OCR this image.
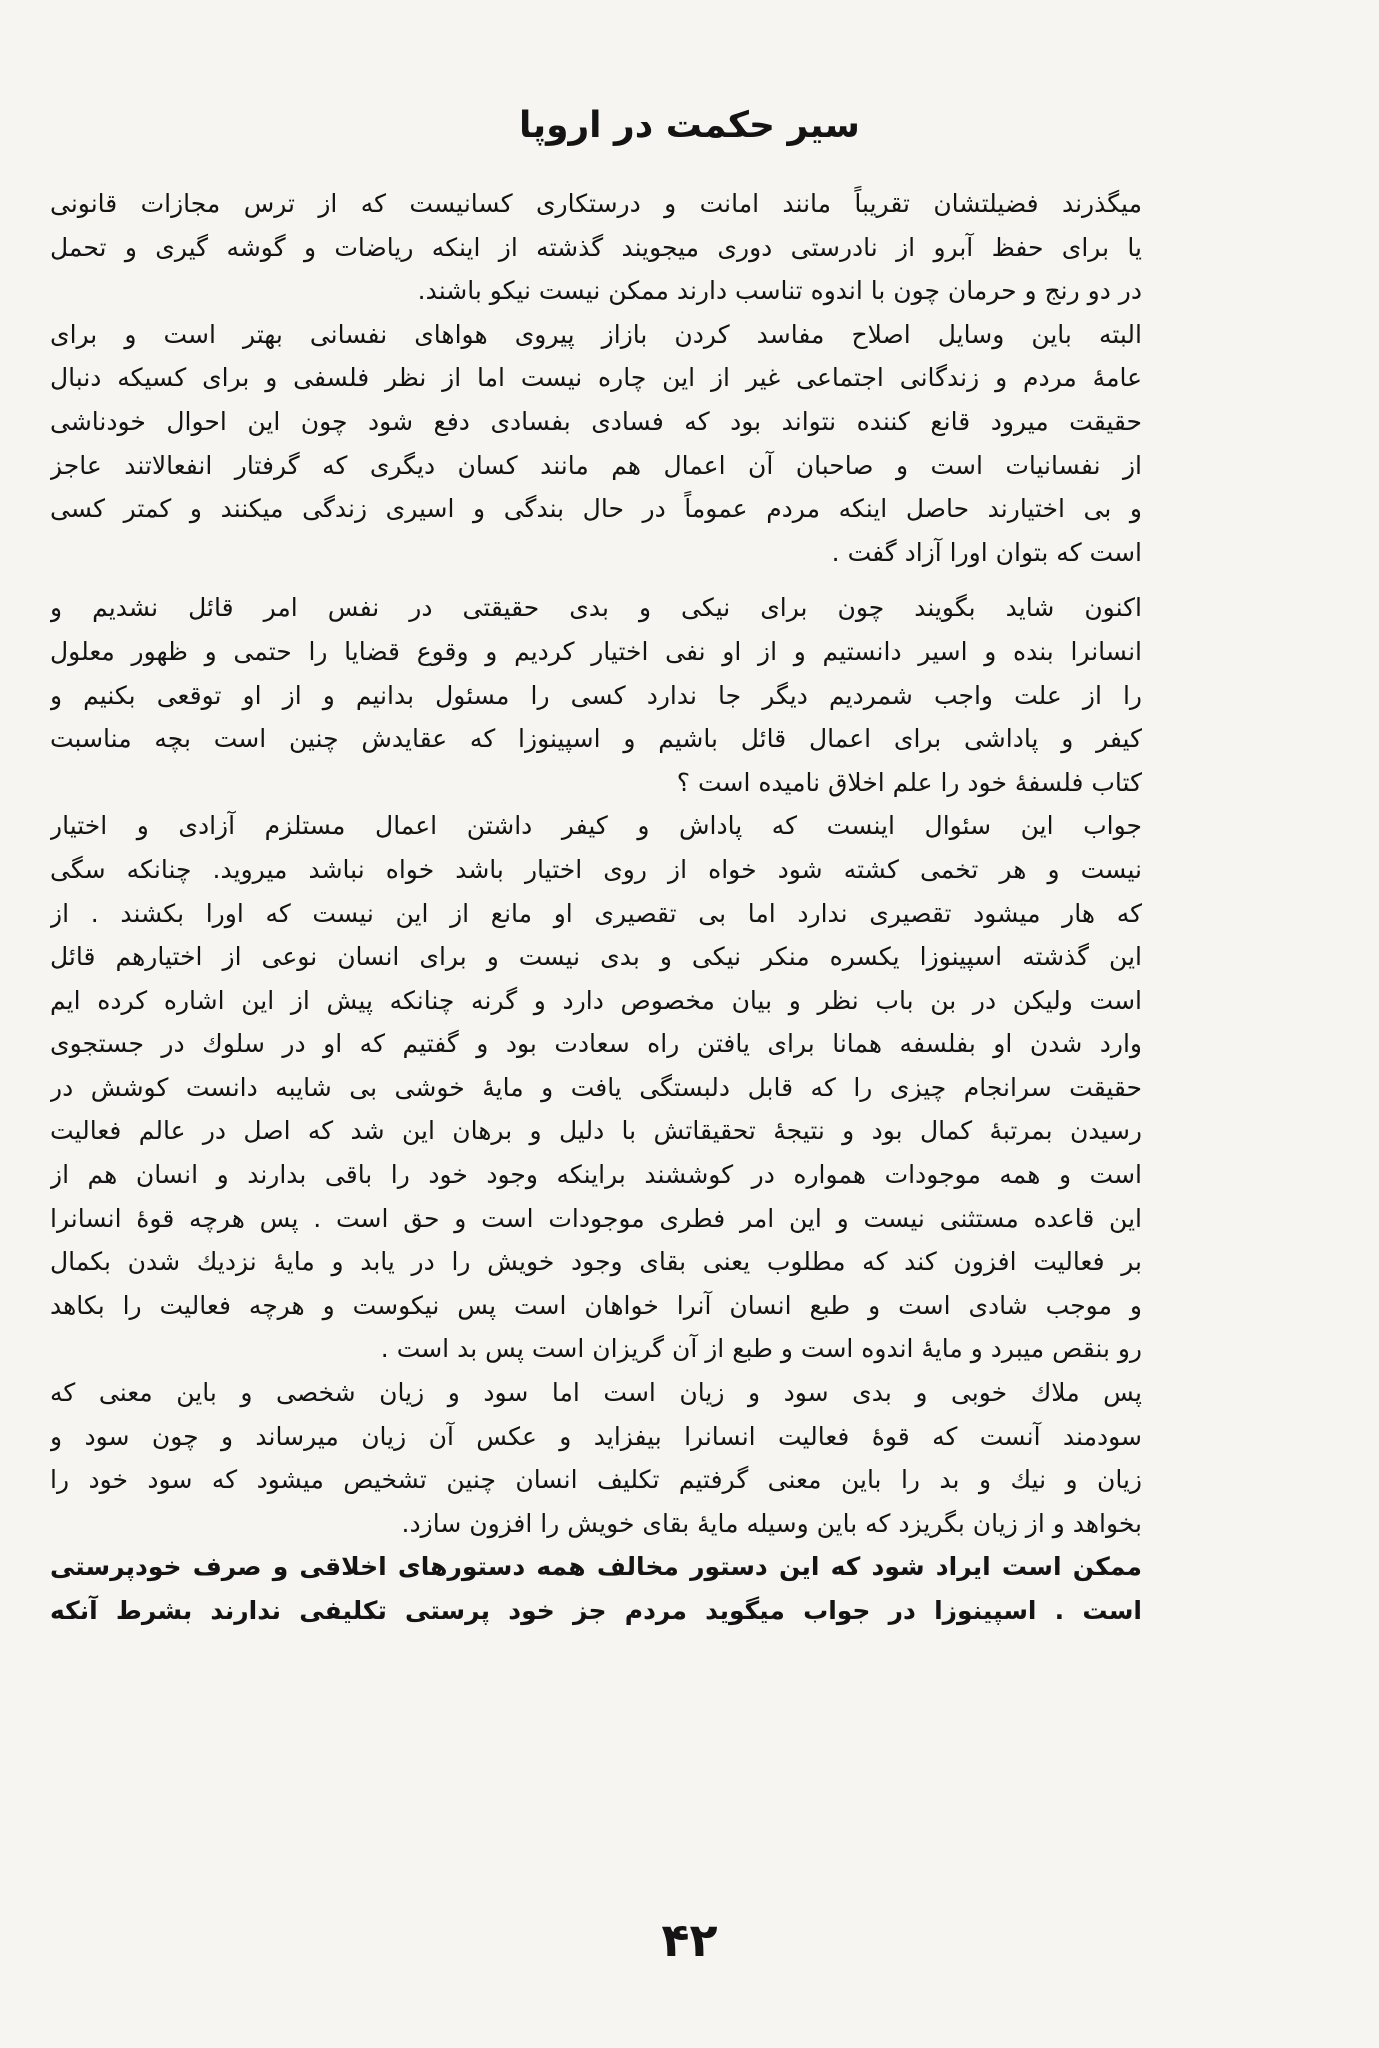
سیر حکمت در اروپا
میگذرند فضیلتشان تقریباً مانند امانت و درستکاری کسانیست که از ترس مجازات قانونی
یا برای حفظ آبرو از نادرستی دوری میجویند گذشته از اینکه ریاضات و گوشه گیری و تحمل
در دو رنج و حرمان چون با اندوه تناسب دارند ممکن نیست نیکو باشند.
البته باین وسایل اصلاح مفاسد کردن بازاز پیروی هواهای نفسانی بهتر است و برای
عامهٔ مردم و زندگانی اجتماعی غیر از این چاره نیست اما از نظر فلسفی و برای کسیکه دنبال
حقیقت میرود قانع کننده نتواند بود که فسادی بفسادی دفع شود چون این احوال خودناشی
از نفسانیات است و صاحبان آن اعمال هم مانند کسان دیگری که گرفتار انفعالاتند عاجز
و بی اختیارند حاصل اینکه مردم عموماً در حال بندگی و اسیری زندگی میکنند و کمتر کسی
است که بتوان اورا آزاد گفت .
اکنون شاید بگویند چون برای نیکی و بدی حقیقتی در نفس امر قائل نشدیم و
انسانرا بنده و اسیر دانستیم و از او نفی اختیار کردیم و وقوع قضایا را حتمی و ظهور معلول
را از علت واجب شمردیم دیگر جا ندارد کسی را مسئول بدانیم و از او توقعی بکنیم و
کیفر و پاداشی برای اعمال قائل باشیم و اسپینوزا که عقایدش چنین است بچه مناسبت
کتاب فلسفهٔ خود را علم اخلاق نامیده است ؟
جواب این سئوال اینست که پاداش و کیفر داشتن اعمال مستلزم آزادی و اختیار
نیست و هر تخمی کشته شود خواه از روی اختیار باشد خواه نباشد میروید. چنانکه سگی
که هار میشود تقصیری ندارد اما بی تقصیری او مانع از این نیست که اورا بکشند . از
این گذشته اسپینوزا یکسره منکر نیکی و بدی نیست و برای انسان نوعی از اختیارهم قائل
است ولیکن در بن باب نظر و بیان مخصوص دارد و گرنه چنانکه پیش از این اشاره کرده ایم
وارد شدن او بفلسفه همانا برای یافتن راه سعادت بود و گفتیم که او در سلوك در جستجوی
حقیقت سرانجام چیزی را که قابل دلبستگی یافت و مایهٔ خوشی بی شایبه دانست کوشش در
رسیدن بمرتبهٔ کمال بود و نتیجهٔ تحقیقاتش با دلیل و برهان این شد که اصل در عالم فعالیت
است و همه موجودات همواره در کوششند براینکه وجود خود را باقی بدارند و انسان هم از
این قاعده مستثنی نیست و این امر فطری موجودات است و حق است . پس هرچه قوهٔ انسانرا
بر فعالیت افزون کند که مطلوب یعنی بقای وجود خویش را در یابد و مایهٔ نزدیك شدن بکمال
و موجب شادی است و طبع انسان آنرا خواهان است پس نیکوست و هرچه فعالیت را بکاهد
رو بنقص میبرد و مایهٔ اندوه است و طبع از آن گریزان است پس بد است .
پس ملاك خوبی و بدی سود و زیان است اما سود و زیان شخصی و باین معنی که
سودمند آنست که قوهٔ فعالیت انسانرا بیفزاید و عکس آن زیان میرساند و چون سود و
زیان و نیك و بد را باین معنی گرفتیم تکلیف انسان چنین تشخیص میشود که سود خود را
بخواهد و از زیان بگریزد که باین وسیله مایهٔ بقای خویش را افزون سازد.
ممکن است ایراد شود که این دستور مخالف همه دستورهای اخلاقی و صرف خودپرستی
است . اسپینوزا در جواب میگوید مردم جز خود پرستی تکلیفی ندارند بشرط آنکه
۴۲
